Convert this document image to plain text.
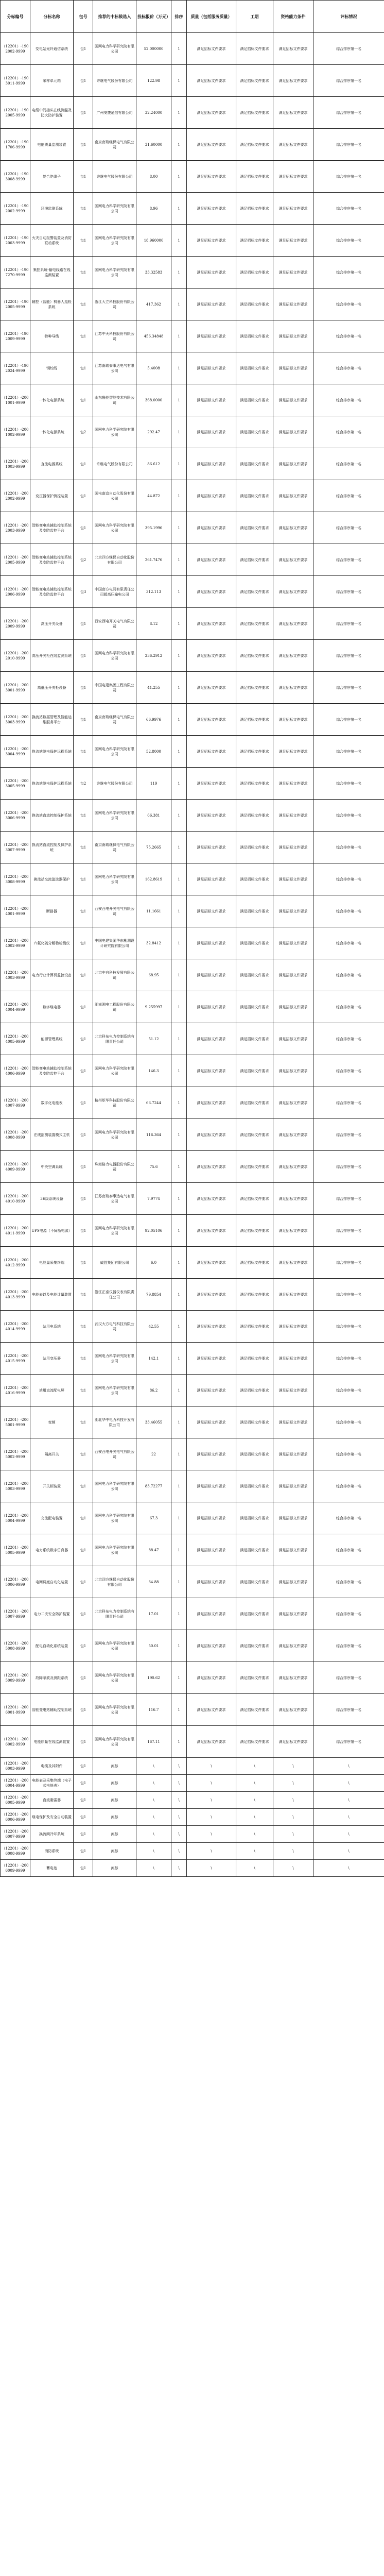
分标编号	分标名称	包号	推荐的中标候选人	投标报价（万元）	排序	质量（包括服务质量）	工期	资格能力条件	评标情况
（12201）-1902002-9999	变电站光纤通信系统	包1	国网电力科学研究院有限公司	52.000000	1	满足招标文件要求	满足招标文件要求	满足招标文件要求	综合排序第一名
（12201）-1903011-9999	采样单元箱	包1	许继电气股份有限公司	122.98	1	满足招标文件要求	满足招标文件要求	满足招标文件要求	综合排序第一名
（12201）-1902005-9999	电缆中间接头在线测温及防火防护装置	包1	广州安捷通信有限公司	32.24000	1	满足招标文件要求	满足招标文件要求	满足招标文件要求	综合排序第一名
（12201）-1901706-9999	电能质量监测装置	包1	南京南瑞继保电气有限公司	31.60000	1	满足招标文件要求	满足招标文件要求	满足招标文件要求	综合排序第一名
（12201）-1903008-9999	复合绝缘子	包1	许继电气股份有限公司	8.00	1	满足招标文件要求	满足招标文件要求	满足招标文件要求	综合排序第一名
（12201）-1902002-9999	环境监测系统	包1	国网电力科学研究院有限公司	8.96	1	满足招标文件要求	满足招标文件要求	满足招标文件要求	综合排序第一名
（12201）-1902003-9999	火灾自动报警装置及消防联动系统	包1	国网电力科学研究院有限公司	18.960000	1	满足招标文件要求	满足招标文件要求	满足招标文件要求	综合排序第一名
（12201）-1907270-9999	集控系统-输电线路在线监测装置	包1	国网电力科学研究院有限公司	33.32583	1	满足招标文件要求	满足招标文件要求	满足招标文件要求	综合排序第一名
（12201）-1902005-9999	辅控（智能）机器人巡检系统	包1	浙江大立科技股份有限公司	417.362	1	满足招标文件要求	满足招标文件要求	满足招标文件要求	综合排序第一名
（12201）-1902009-9999	特种导线	包1	江苏中天科技股份有限公司	456.34848	1	满足招标文件要求	满足招标文件要求	满足招标文件要求	综合排序第一名
（12201）-1902024-9999	钢绞线	包1	江苏南瑞泰事达电气有限公司	5.4008	1	满足招标文件要求	满足招标文件要求	满足招标文件要求	综合排序第一名
（12201）-2001001-9999	一体化电源系统	包1	山东鲁能智能技术有限公司	368.0000	1	满足招标文件要求	满足招标文件要求	满足招标文件要求	综合排序第一名
（12201）-2001002-9999	一体化电源系统	包2	国网电力科学研究院有限公司	292.47	1	满足招标文件要求	满足招标文件要求	满足招标文件要求	综合排序第一名
（12201）-2001003-9999	直流电源系统	包1	许继电气股份有限公司	86.612	1	满足招标文件要求	满足招标文件要求	满足招标文件要求	综合排序第一名
（12201）-2002002-9999	变压器保护测控装置	包1	国电南京自动化股份有限公司	44.872	1	满足招标文件要求	满足招标文件要求	满足招标文件要求	综合排序第一名
（12201）-2002003-9999	智能变电站辅助控制系统及安防监控平台	包1	国网电力科学研究院有限公司	395.1996	1	满足招标文件要求	满足招标文件要求	满足招标文件要求	综合排序第一名
（12201）-2002005-9999	智能变电站辅助控制系统及安防监控平台	包2	北京四方继保自动化股份有限公司	261.7476	1	满足招标文件要求	满足招标文件要求	满足招标文件要求	综合排序第一名
（12201）-2002006-9999	智能变电站辅助控制系统及安防监控平台	包3	中国南方电网有限责任公司超高压输电公司	312.113	1	满足招标文件要求	满足招标文件要求	满足招标文件要求	综合排序第一名
（12201）-2002009-9999	高压开关设备	包1	西安西电开关电气有限公司	8.12	1	满足招标文件要求	满足招标文件要求	满足招标文件要求	综合排序第一名
（12201）-2002010-9999	高压开关柜在线监测系统	包1	国网电力科学研究院有限公司	236.2912	1	满足招标文件要求	满足招标文件要求	满足招标文件要求	综合排序第一名
（12201）-2003001-9999	高低压开关柜设备	包1	中国电建集团工程有限公司	41.255	1	满足招标文件要求	满足招标文件要求	满足招标文件要求	综合排序第一名
（12201）-2003003-9999	换流站数据管理及智能运维服务平台	包1	南京南瑞继保电气有限公司	66.9976	1	满足招标文件要求	满足招标文件要求	满足招标文件要求	综合排序第一名
（12201）-2003004-9999	换流站继电保护远程系统	包1	国网电力科学研究院有限公司	52.8000	1	满足招标文件要求	满足招标文件要求	满足招标文件要求	综合排序第一名
（12201）-2003005-9999	换流站继电保护远程系统	包2	许继电气股份有限公司	119	1	满足招标文件要求	满足招标文件要求	满足招标文件要求	综合排序第一名
（12201）-2003006-9999	换流站直流控制保护系统	包1	国网电力科学研究院有限公司	66.381	1	满足招标文件要求	满足招标文件要求	满足招标文件要求	综合排序第一名
（12201）-2003007-9999	换流站直流控制及保护系统	包1	南京南瑞继保电气有限公司	75.2665	1	满足招标文件要求	满足招标文件要求	满足招标文件要求	综合排序第一名
（12201）-2003008-9999	换流站交流滤波器保护	包1	国网电力科学研究院有限公司	162.8619	1	满足招标文件要求	满足招标文件要求	满足招标文件要求	综合排序第一名
（12201）-2004001-9999	断路器	包1	西安西电开关电气有限公司	11.1661	1	满足招标文件要求	满足招标文件要求	满足招标文件要求	综合排序第一名
（12201）-2004002-9999	六氟化硫分解物检测仪	包1	中国电建集团华东勘测设计研究院有限公司	32.8412	1	满足招标文件要求	满足招标文件要求	满足招标文件要求	综合排序第一名
（12201）-2004003-9999	电力行业计算机监控设备	包1	北京中自科技发展有限公司	68.95	1	满足招标文件要求	满足招标文件要求	满足招标文件要求	综合排序第一名
（12201）-2004004-9999	数字继电器	包1	湖南湘电工程股份有限公司	9.255997	1	满足招标文件要求	满足招标文件要求	满足招标文件要求	综合排序第一名
（12201）-2004005-9999	能源管理系统	包1	北京科东电力控制系统有限责任公司	51.12	1	满足招标文件要求	满足招标文件要求	满足招标文件要求	综合排序第一名
（12201）-2004006-9999	智能变电站辅助控制系统及安防监控平台	包1	国网电力科学研究院有限公司	146.3	1	满足招标文件要求	满足招标文件要求	满足招标文件要求	综合排序第一名
（12201）-2004007-9999	数字化电能表	包1	杭州炬华科技股份有限公司	66.7244	1	满足招标文件要求	满足招标文件要求	满足招标文件要求	综合排序第一名
（12201）-2004008-9999	在线监测装置模式主机	包1	国网电力科学研究院有限公司	116.364	1	满足招标文件要求	满足招标文件要求	满足招标文件要求	综合排序第一名
（12201）-2004009-9999	中央空调系统	包1	珠海格力电器股份有限公司	75.6	1	满足招标文件要求	满足招标文件要求	满足招标文件要求	综合排序第一名
（12201）-2004010-9999	3E级系统设备	包1	江苏南瑞泰事达电气有限公司	7.9774	1	满足招标文件要求	满足招标文件要求	满足招标文件要求	综合排序第一名
（12201）-2004011-9999	UPS电源（不间断电源）	包1	国网电力科学研究院有限公司	92.05106	1	满足招标文件要求	满足招标文件要求	满足招标文件要求	综合排序第一名
（12201）-2004012-9999	电能量采集终端	包1	威胜集团有限公司	6.0	1	满足招标文件要求	满足招标文件要求	满足招标文件要求	综合排序第一名
（12201）-2004013-9999	电能表以及电能计量装置	包1	浙江正泰仪器仪表有限责任公司	79.8854	1	满足招标文件要求	满足招标文件要求	满足招标文件要求	综合排序第一名
（12201）-2004014-9999	站用电系统	包1	武汉大方电气科技有限公司	42.55	1	满足招标文件要求	满足招标文件要求	满足招标文件要求	综合排序第一名
（12201）-2004015-9999	站用变压器	包1	国网电力科学研究院有限公司	142.1	1	满足招标文件要求	满足招标文件要求	满足招标文件要求	综合排序第一名
（12201）-2004016-9999	站用直流配电屏	包1	国网电力科学研究院有限公司	86.2	1	满足招标文件要求	满足招标文件要求	满足招标文件要求	综合排序第一名
（12201）-2005001-9999	变频	包1	湖北华中电力科技开发有限公司	33.46055	1	满足招标文件要求	满足招标文件要求	满足招标文件要求	综合排序第一名
（12201）-2005002-9999	隔离开关	包1	西安西电开关电气有限公司	22	1	满足招标文件要求	满足招标文件要求	满足招标文件要求	综合排序第一名
（12201）-2005003-9999	开关柜装置	包1	国网电力科学研究院有限公司	83.72277	1	满足招标文件要求	满足招标文件要求	满足招标文件要求	综合排序第一名
（12201）-2005004-9999	交流配电装置	包1	国网电力科学研究院有限公司	67.3	1	满足招标文件要求	满足招标文件要求	满足招标文件要求	综合排序第一名
（12201）-2005005-9999	电力系统数字仿真器	包1	国网电力科学研究院有限公司	88.47	1	满足招标文件要求	满足招标文件要求	满足招标文件要求	综合排序第一名
（12201）-2005006-9999	电网调度自动化装置	包1	北京四方继保自动化股份有限公司	34.88	1	满足招标文件要求	满足招标文件要求	满足招标文件要求	综合排序第一名
（12201）-2005007-9999	电力二次安全防护装置	包1	北京科东电力控制系统有限责任公司	17.01	1	满足招标文件要求	满足招标文件要求	满足招标文件要求	综合排序第一名
（12201）-2005008-9999	配电自动化系统装置	包1	国网电力科学研究院有限公司	50.01	1	满足招标文件要求	满足招标文件要求	满足招标文件要求	综合排序第一名
（12201）-2005009-9999	故障录波及测距系统	包1	国网电力科学研究院有限公司	190.62	1	满足招标文件要求	满足招标文件要求	满足招标文件要求	综合排序第一名
（12201）-2006001-9999	智能变电站辅助控制系统	包1	国网电力科学研究院有限公司	116.7	1	满足招标文件要求	满足招标文件要求	满足招标文件要求	综合排序第一名
（12201）-2006002-9999	电能质量在线监测装置	包1	国网电力科学研究院有限公司	167.11	1	满足招标文件要求	满足招标文件要求	满足招标文件要求	综合排序第一名
（12201）-2006003-9999	电缆及其附件	包1	流标	\	\	\	\	\	\
（12201）-2006004-9999	电能表及采集终端（电子式电能表）	包1	流标	\	\	\	\	\	\
（12201）-2006005-9999	直流避雷器	包1	流标	\	\	\	\	\	\
（12201）-2006006-9999	继电保护及安全自动装置	包1	流标	\	\	\	\	\	\
（12201）-2006007-9999	换流阀冷却系统	包1	流标	\	\	\	\	\	\
（12201）-2006008-9999	消防系统	包1	流标	\	\	\	\	\	\
（12201）-2006009-9999	蓄电池	包1	流标	\	\	\	\	\	\
